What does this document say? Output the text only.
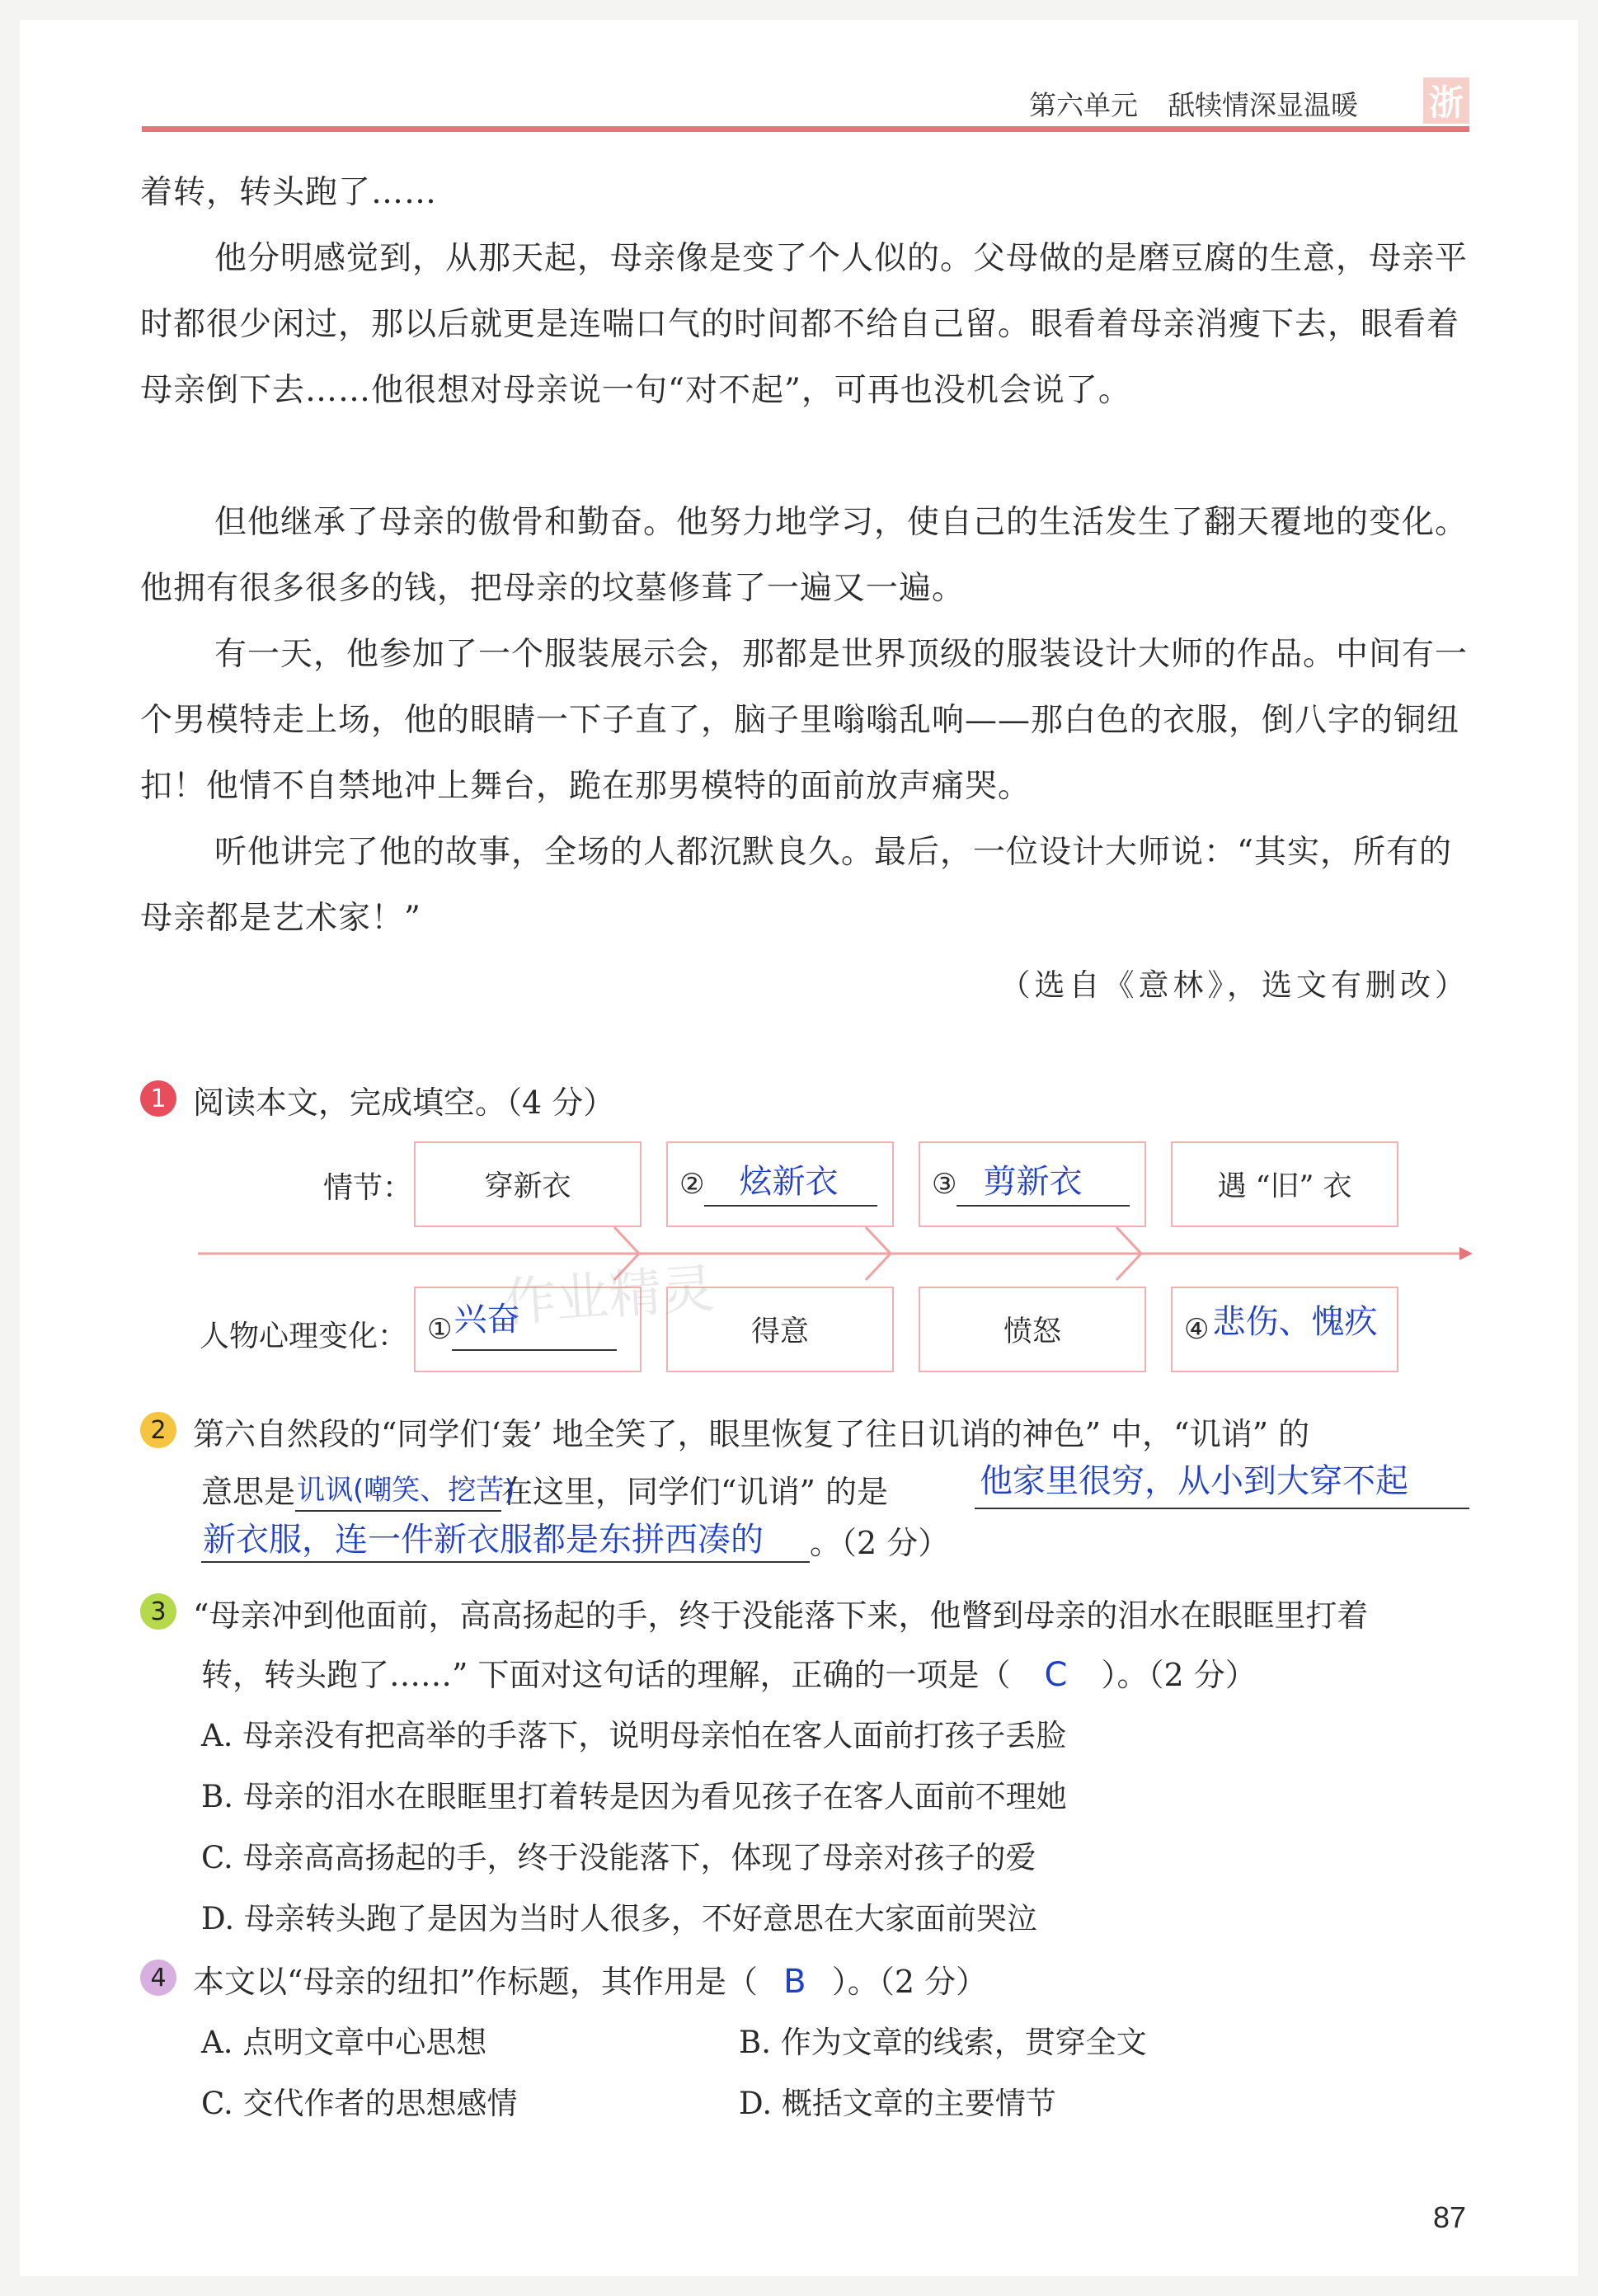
第六单元 舐犊情深显温暖 浙
着转，转头跑了……
他分明感觉到，从那天起，母亲像是变了个人似的。父母做的是磨豆腐的生意，母亲平时都很少闲过，那以后就更是连喘口气的时间都不给自己留。眼看着母亲消瘦下去，眼看着母亲倒下去……他很想对母亲说一句“对不起”，可再也没机会说了。
但他继承了母亲的傲骨和勤奋。他努力地学习，使自己的生活发生了翻天覆地的变化。他拥有很多很多的钱，把母亲的坟墓修葺了一遍又一遍。
有一天，他参加了一个服装展示会，那都是世界顶级的服装设计大师的作品。中间有一个男模特走上场，他的眼睛一下子直了，脑子里嗡嗡乱响——那白色的衣服，倒八字的铜纽扣！他情不自禁地冲上舞台，跪在那男模特的面前放声痛哭。
听他讲完了他的故事，全场的人都沉默良久。最后，一位设计大师说：“其实，所有的母亲都是艺术家！”
（选自《意林》，选文有删改）
1 阅读本文，完成填空。（4 分）
情节：
人物心理变化：
穿新衣	② 炫新衣	③ 剪新衣	遇 “旧” 衣
① 兴奋	得意	愤怒	④ 悲伤、愧疚
作业精灵
2 第六自然段的“同学们‘轰’ 地全笑了，眼里恢复了往日讥诮的神色” 中，“讥诮” 的
意思是 讥讽(嘲笑、挖苦)
在这里，同学们“讥诮” 的是	他家里很穷，从小到大穿不起
新衣服，连一件新衣服都是东拼西凑的 。（2 分）
3 “母亲冲到他面前，高高扬起的手，终于没能落下来，他瞥到母亲的泪水在眼眶里打着
转，转头跑了……” 下面对这句话的理解，正确的一项是（ C ）。（2 分）
A. 母亲没有把高举的手落下，说明母亲怕在客人面前打孩子丢脸
B. 母亲的泪水在眼眶里打着转是因为看见孩子在客人面前不理她
C. 母亲高高扬起的手，终于没能落下，体现了母亲对孩子的爱
D. 母亲转头跑了是因为当时人很多，不好意思在大家面前哭泣
4 本文以“母亲的纽扣”作标题，其作用是（ B ）。（2 分）
A. 点明文章中心思想	B. 作为文章的线索，贯穿全文
C. 交代作者的思想感情	D. 概括文章的主要情节
87
